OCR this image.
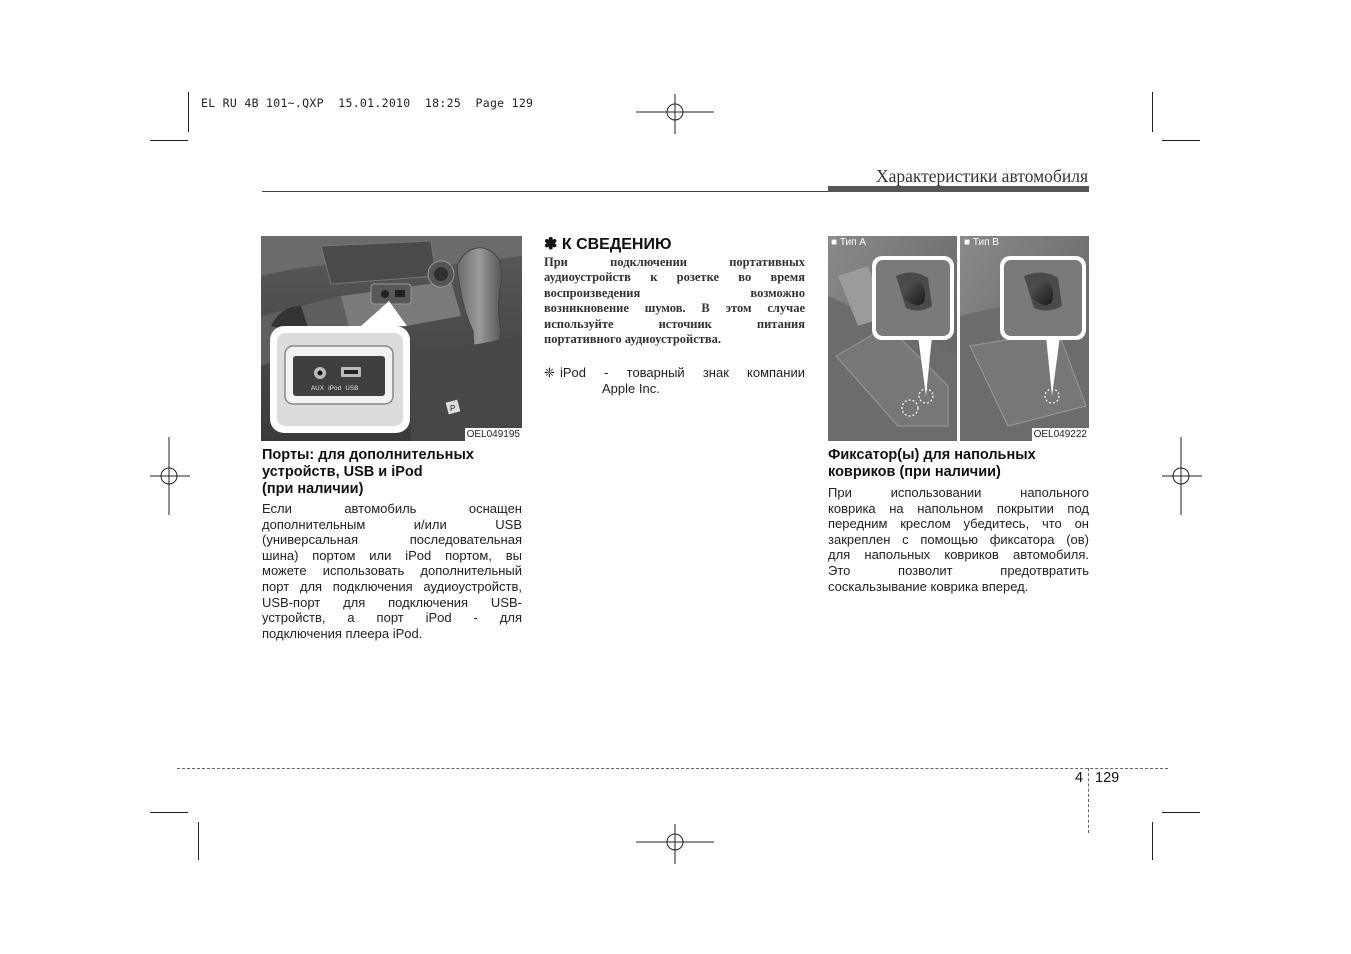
EL RU 4B 101~.QXP  15.01.2010  18:25  Page 129
Характеристики автомобиля
P
AUX iPod USB
OEL049195
Порты: для дополнительных
устройств, USB и iPod
(при наличии)
Если автомобиль оснащен
дополнительным и/или USB
(универсальная последовательная
шина) портом или iPod портом, вы
можете использовать дополнительный
порт для подключения аудиоустройств,
USB-порт для подключения USB-
устройств, а порт iPod - для
подключения плеера iPod.
✽ К СВЕДЕНИЮ
При подключении портативных
аудиоустройств к розетке во время
воспроизведения возможно
возникновение шумов. В этом случае
используйте источник питания
портативного аудиоустройства.
❈ iPod - товарный знак компании
Apple Inc.
■ Тип A	■ Тип B
OEL049222
Фиксатор(ы) для напольных
ковриков (при наличии)
При использовании напольного
коврика на напольном покрытии под
передним креслом убедитесь, что он
закреплен с помощью фиксатора (ов)
для напольных ковриков автомобиля.
Это позволит предотвратить
соскальзывание коврика вперед.
4 129
